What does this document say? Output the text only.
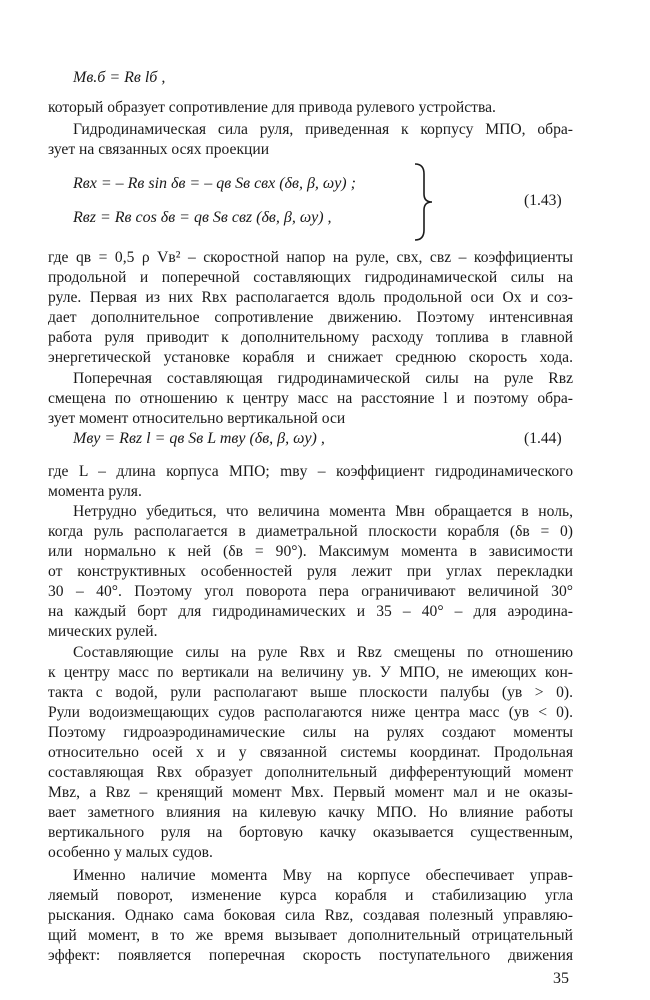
Mв.б = Rв lб ,
который образует сопротивление для привода рулевого устройства.
Гидродинамическая сила руля, приведенная к корпусу МПО, обра-
зует на связанных осях проекции
Rвx = – Rв sin δв = – qв Sв cвx (δв, β, ωy) ;
Rвz = Rв cos δв = qв Sв cвz (δв, β, ωy) ,
(1.43)
где qв = 0,5 ρ Vв² – скоростной напор на руле, cвx, cвz – коэффициенты
продольной и поперечной составляющих гидродинамической силы на
руле. Первая из них Rвx располагается вдоль продольной оси Ox и соз-
дает дополнительное сопротивление движению. Поэтому интенсивная
работа руля приводит к дополнительному расходу топлива в главной
энергетической установке корабля и снижает среднюю скорость хода.
Поперечная составляющая гидродинамической силы на руле Rвz
смещена по отношению к центру масс на расстояние l и поэтому обра-
зует момент относительно вертикальной оси
Mвy = Rвz l = qв Sв L mвy (δв, β, ωy) ,	(1.44)
где L – длина корпуса МПО; mвy – коэффициент гидродинамического
момента руля.
Нетрудно убедиться, что величина момента Mвн обращается в ноль,
когда руль располагается в диаметральной плоскости корабля (δв = 0)
или нормально к ней (δв = 90°). Максимум момента в зависимости
от конструктивных особенностей руля лежит при углах перекладки
30 – 40°. Поэтому угол поворота пера ограничивают величиной 30°
на каждый борт для гидродинамических и 35 – 40° – для аэродина-
мических рулей.
Составляющие силы на руле Rвx и Rвz смещены по отношению
к центру масс по вертикали на величину yв. У МПО, не имеющих кон-
такта с водой, рули располагают выше плоскости палубы (yв > 0).
Рули водоизмещающих судов располагаются ниже центра масс (yв < 0).
Поэтому гидроаэродинамические силы на рулях создают моменты
относительно осей x и y связанной системы координат. Продольная
составляющая Rвx образует дополнительный дифферентующий момент
Mвz, а Rвz – кренящий момент Mвx. Первый момент мал и не оказы-
вает заметного влияния на килевую качку МПО. Но влияние работы
вертикального руля на бортовую качку оказывается существенным,
особенно у малых судов.
Именно наличие момента Mвy на корпусе обеспечивает управ-
ляемый поворот, изменение курса корабля и стабилизацию угла
рыскания. Однако сама боковая сила Rвz, создавая полезный управляю-
щий момент, в то же время вызывает дополнительный отрицательный
эффект: появляется поперечная скорость поступательного движения
35
